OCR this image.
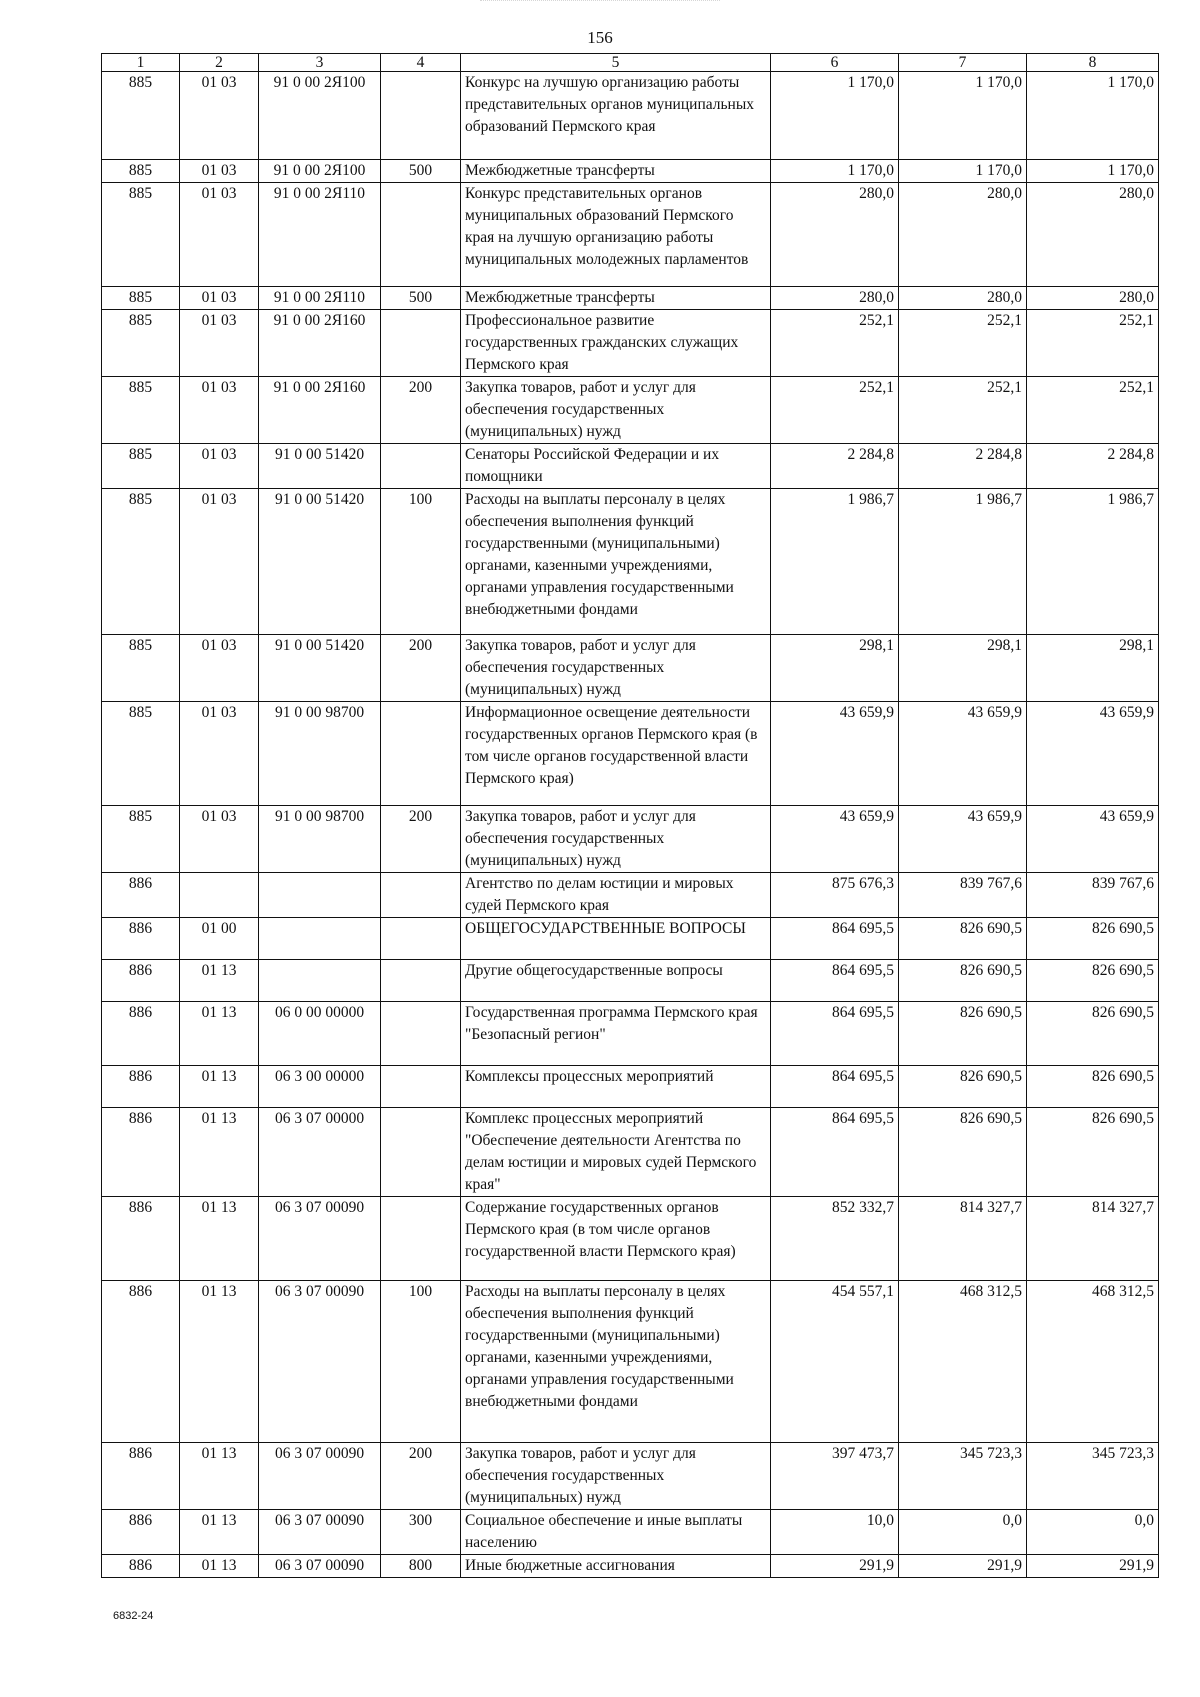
156
1	2	3	4	5	6	7	8
885	01 03	91 0 00 2Я100		Конкурс на лучшую организацию работы представительных органов муниципальных образований Пермского края	1 170,0	1 170,0	1 170,0
885	01 03	91 0 00 2Я100	500	Межбюджетные трансферты	1 170,0	1 170,0	1 170,0
885	01 03	91 0 00 2Я110		Конкурс представительных органов муниципальных образований Пермского края на лучшую организацию работы муниципальных молодежных парламентов	280,0	280,0	280,0
885	01 03	91 0 00 2Я110	500	Межбюджетные трансферты	280,0	280,0	280,0
885	01 03	91 0 00 2Я160		Профессиональное развитие государственных гражданских служащих Пермского края	252,1	252,1	252,1
885	01 03	91 0 00 2Я160	200	Закупка товаров, работ и услуг для обеспечения государственных (муниципальных) нужд	252,1	252,1	252,1
885	01 03	91 0 00 51420		Сенаторы Российской Федерации и их помощники	2 284,8	2 284,8	2 284,8
885	01 03	91 0 00 51420	100	Расходы на выплаты персоналу в целях обеспечения выполнения функций государственными (муниципальными) органами, казенными учреждениями, органами управления государственными внебюджетными фондами	1 986,7	1 986,7	1 986,7
885	01 03	91 0 00 51420	200	Закупка товаров, работ и услуг для обеспечения государственных (муниципальных) нужд	298,1	298,1	298,1
885	01 03	91 0 00 98700		Информационное освещение деятельности государственных органов Пермского края (в том числе органов государственной власти Пермского края)	43 659,9	43 659,9	43 659,9
885	01 03	91 0 00 98700	200	Закупка товаров, работ и услуг для обеспечения государственных (муниципальных) нужд	43 659,9	43 659,9	43 659,9
886				Агентство по делам юстиции и мировых судей Пермского края	875 676,3	839 767,6	839 767,6
886	01 00			ОБЩЕГОСУДАРСТВЕННЫЕ ВОПРОСЫ	864 695,5	826 690,5	826 690,5
886	01 13			Другие общегосударственные вопросы	864 695,5	826 690,5	826 690,5
886	01 13	06 0 00 00000		Государственная программа Пермского края "Безопасный регион"	864 695,5	826 690,5	826 690,5
886	01 13	06 3 00 00000		Комплексы процессных мероприятий	864 695,5	826 690,5	826 690,5
886	01 13	06 3 07 00000		Комплекс процессных мероприятий "Обеспечение деятельности Агентства по делам юстиции и мировых судей Пермского края"	864 695,5	826 690,5	826 690,5
886	01 13	06 3 07 00090		Содержание государственных органов Пермского края (в том числе органов государственной власти Пермского края)	852 332,7	814 327,7	814 327,7
886	01 13	06 3 07 00090	100	Расходы на выплаты персоналу в целях обеспечения выполнения функций государственными (муниципальными) органами, казенными учреждениями, органами управления государственными внебюджетными фондами	454 557,1	468 312,5	468 312,5
886	01 13	06 3 07 00090	200	Закупка товаров, работ и услуг для обеспечения государственных (муниципальных) нужд	397 473,7	345 723,3	345 723,3
886	01 13	06 3 07 00090	300	Социальное обеспечение и иные выплаты населению	10,0	0,0	0,0
886	01 13	06 3 07 00090	800	Иные бюджетные ассигнования	291,9	291,9	291,9
6832-24
